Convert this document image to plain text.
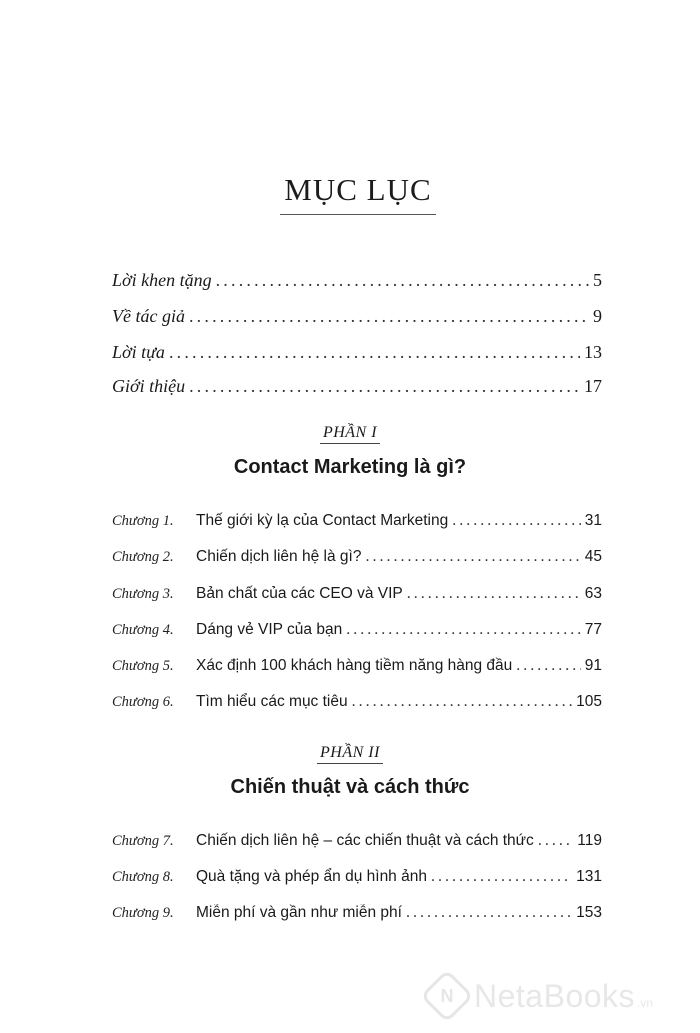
MỤC LỤC
Lời khen tặng .....	5
Về tác giả .....	9
Lời tựa .....	13
Giới thiệu .....	17
PHẦN I
Contact Marketing là gì?
Chương 1.	Thế giới kỳ lạ của Contact Marketing .....	31
Chương 2.	Chiến dịch liên hệ là gì? .....	45
Chương 3.	Bản chất của các CEO và VIP .....	63
Chương 4.	Dáng vẻ VIP của bạn .....	77
Chương 5.	Xác định 100 khách hàng tiềm năng hàng đầu .....	91
Chương 6.	Tìm hiểu các mục tiêu .....	105
PHẦN II
Chiến thuật và cách thức
Chương 7.	Chiến dịch liên hệ – các chiến thuật và cách thức .....	119
Chương 8.	Quà tặng và phép ẩn dụ hình ảnh .....	131
Chương 9.	Miễn phí và gần như miễn phí .....	153
N NetaBooks .vn
